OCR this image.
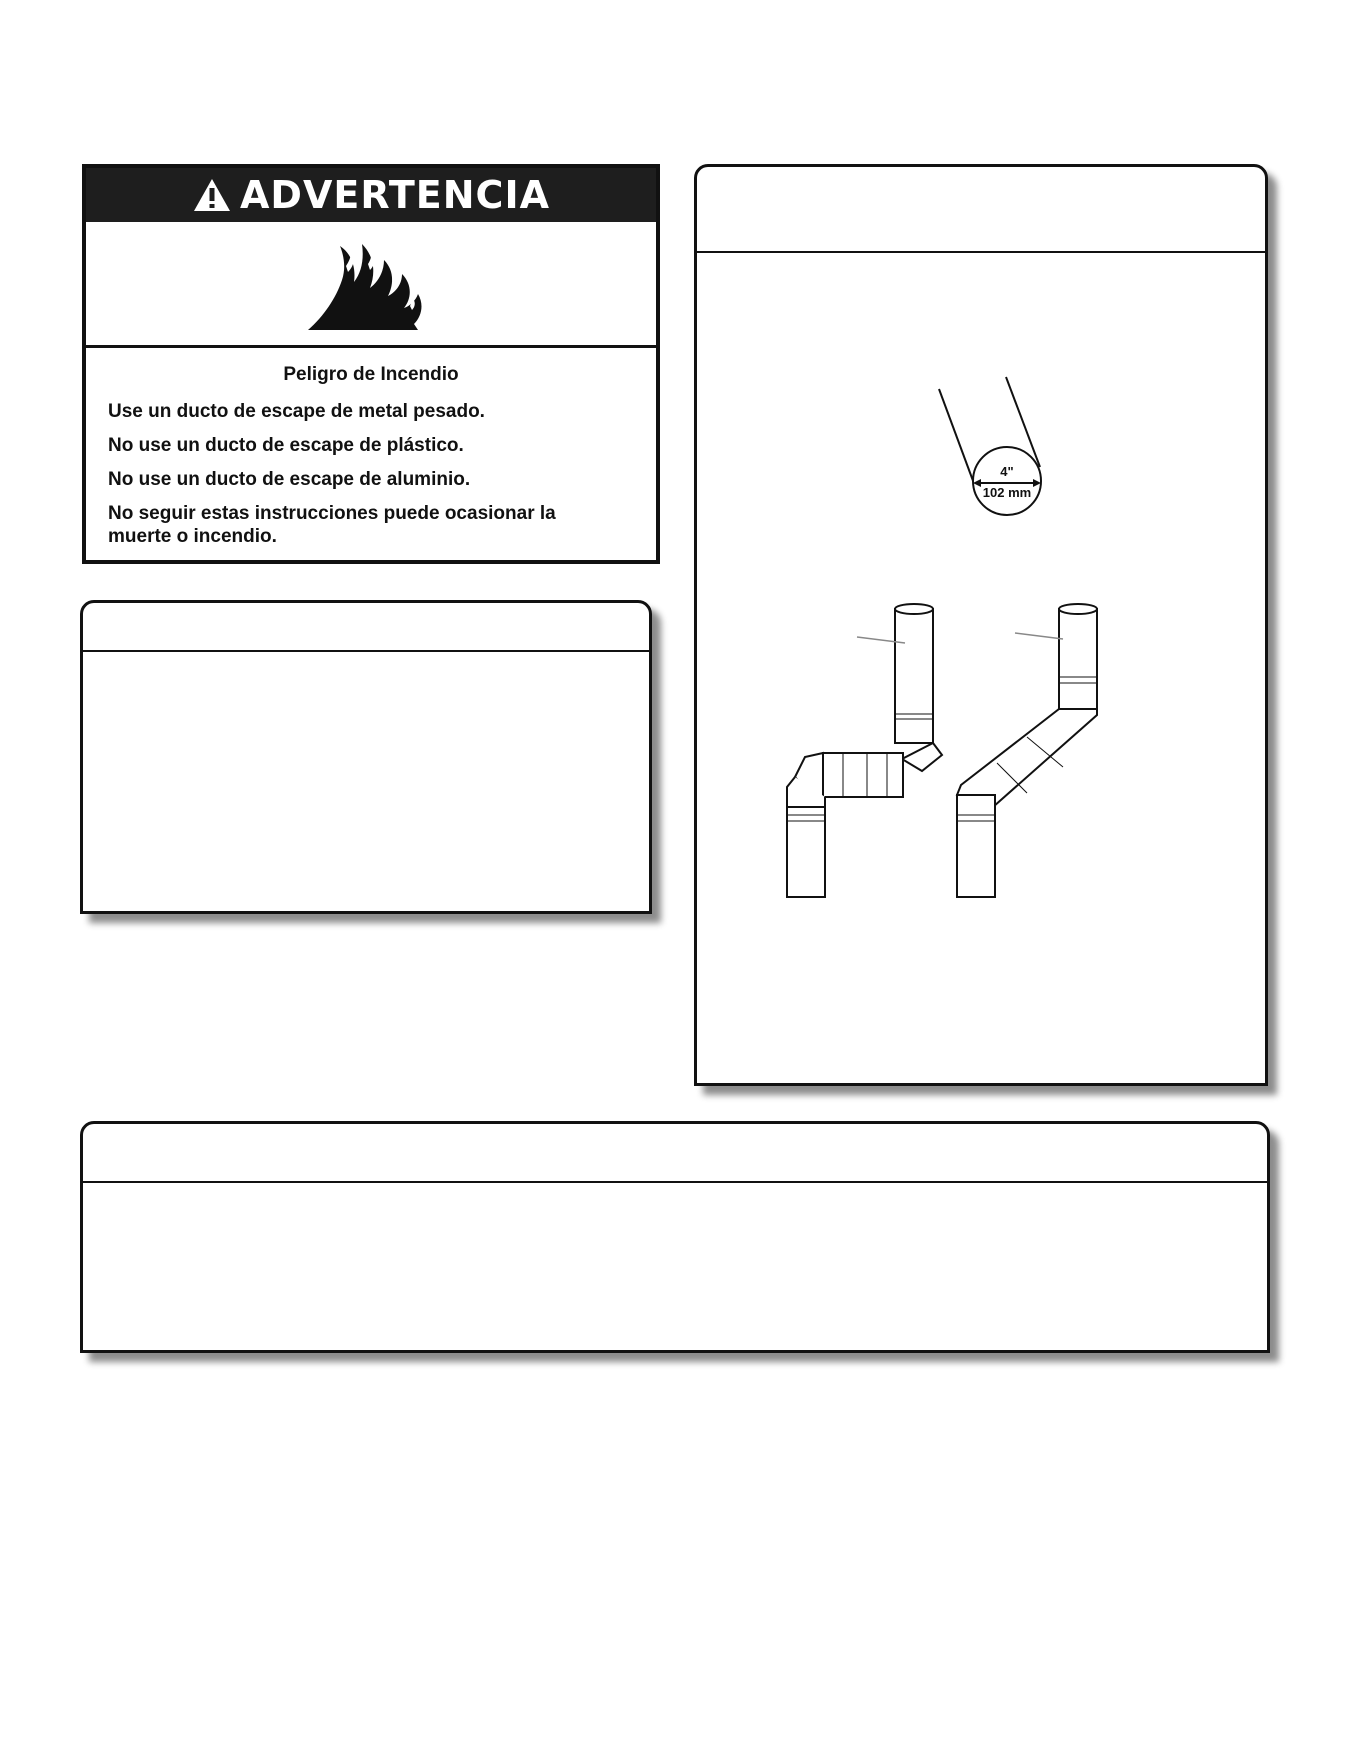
ADVERTENCIA
Peligro de Incendio
Use un ducto de escape de metal pesado.
No use un ducto de escape de plástico.
No use un ducto de escape de aluminio.
No seguir estas instrucciones puede ocasionar la muerte o incendio.
4"
102 mm
